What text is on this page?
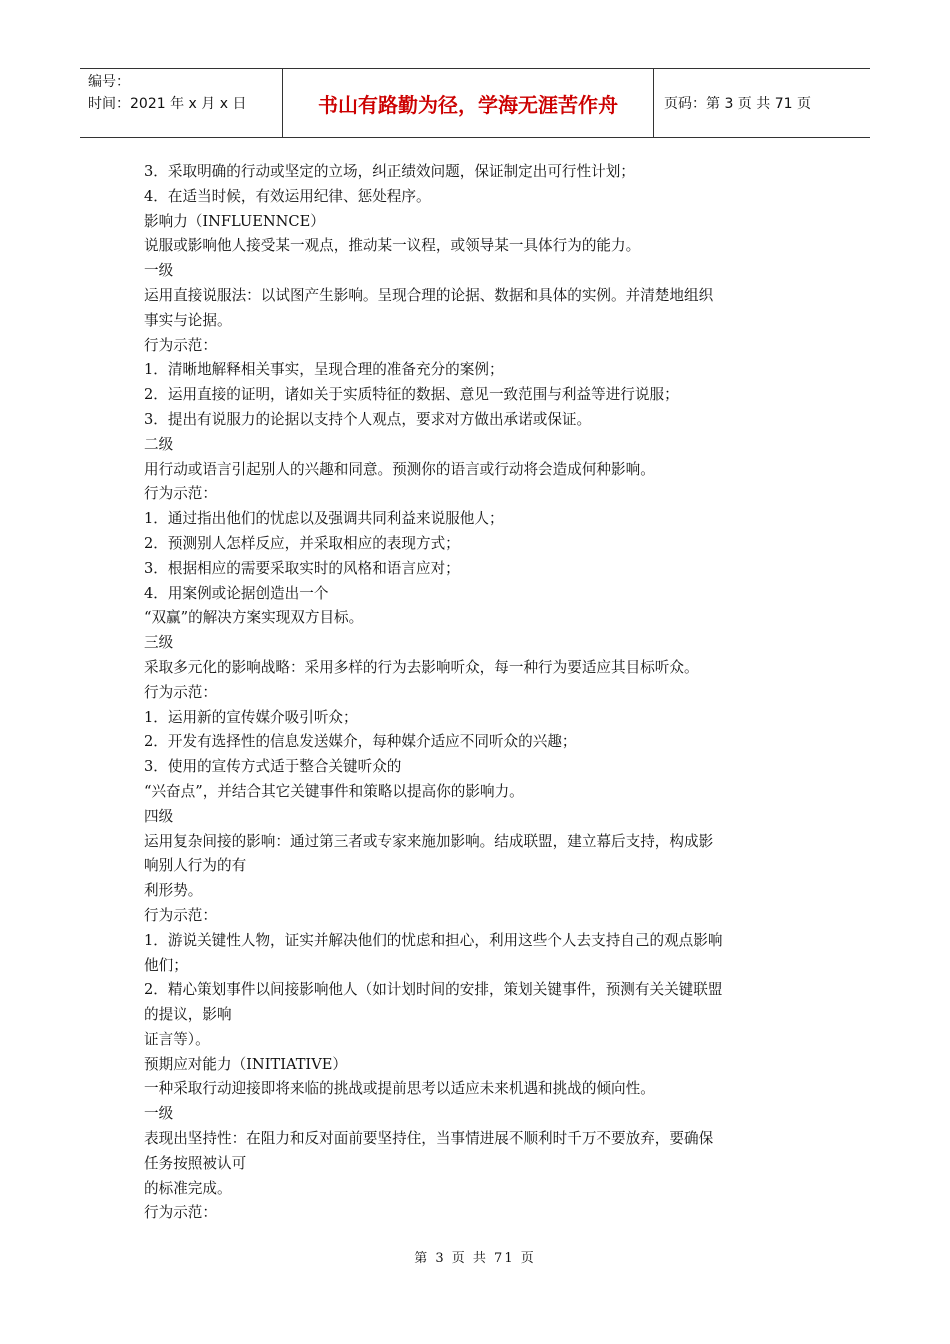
编号：
时间：2021 年 x 月 x 日	书山有路勤为径，学海无涯苦作舟	页码：第 3 页 共 71 页
3．采取明确的行动或坚定的立场，纠正绩效问题，保证制定出可行性计划；
4．在适当时候，有效运用纪律、惩处程序。
影响力（INFLUENNCE）
说服或影响他人接受某一观点，推动某一议程，或领导某一具体行为的能力。
一级
运用直接说服法：以试图产生影响。呈现合理的论据、数据和具体的实例。并清楚地组织
事实与论据。
行为示范：
1．清晰地解释相关事实，呈现合理的准备充分的案例；
2．运用直接的证明，诸如关于实质特征的数据、意见一致范围与利益等进行说服；
3．提出有说服力的论据以支持个人观点，要求对方做出承诺或保证。
二级
用行动或语言引起别人的兴趣和同意。预测你的语言或行动将会造成何种影响。
行为示范：
1．通过指出他们的忧虑以及强调共同利益来说服他人；
2．预测别人怎样反应，并采取相应的表现方式；
3．根据相应的需要采取实时的风格和语言应对；
4．用案例或论据创造出一个
“双赢”的解决方案实现双方目标。
三级
采取多元化的影响战略：采用多样的行为去影响听众，每一种行为要适应其目标听众。
行为示范：
1．运用新的宣传媒介吸引听众；
2．开发有选择性的信息发送媒介，每种媒介适应不同听众的兴趣；
3．使用的宣传方式适于整合关键听众的
“兴奋点”，并结合其它关键事件和策略以提高你的影响力。
四级
运用复杂间接的影响：通过第三者或专家来施加影响。结成联盟，建立幕后支持，构成影
响别人行为的有
利形势。
行为示范：
1．游说关键性人物，证实并解决他们的忧虑和担心，利用这些个人去支持自己的观点影响
他们；
2．精心策划事件以间接影响他人（如计划时间的安排，策划关键事件，预测有关关键联盟
的提议，影响
证言等）。
预期应对能力（INITIATIVE）
一种采取行动迎接即将来临的挑战或提前思考以适应未来机遇和挑战的倾向性。
一级
表现出坚持性：在阻力和反对面前要坚持住，当事情进展不顺利时千万不要放弃，要确保
任务按照被认可
的标准完成。
行为示范：
第 3 页 共 71 页
